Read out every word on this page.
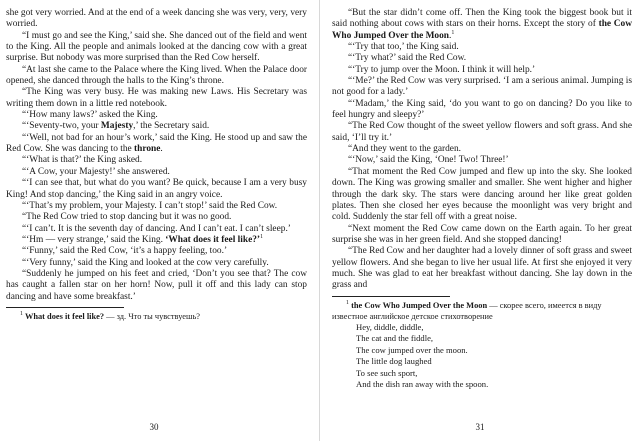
she got very worried. And at the end of a week dancing she was very, very, very worried.

“I must go and see the King,’ said she. She danced out of the field and went to the King. All the people and animals looked at the dancing cow with a great surprise. But nobody was more surprised than the Red Cow herself.

“At last she came to the Palace where the King lived. When the Palace door opened, she danced through the halls to the King’s throne.

“The King was very busy. He was making new Laws. His Secretary was writing them down in a little red notebook.

“‘How many laws?’ asked the King.

“‘Seventy-two, your Majesty,’ the Secretary said.

“‘Well, not bad for an hour’s work,’ said the King. He stood up and saw the Red Cow. She was dancing to the throne.

“‘What is that?’ the King asked.

“‘A Cow, your Majesty!’ she answered.

“‘I can see that, but what do you want? Be quick, because I am a very busy King! And stop dancing,’ the King said in an angry voice.

“‘That’s my problem, your Majesty. I can’t stop!’ said the Red Cow.

“The Red Cow tried to stop dancing but it was no good.

“‘I can’t. It is the seventh day of dancing. And I can’t eat. I can’t sleep.’

“‘Hm — very strange,’ said the King. ‘What does it feel like?’$^1$

“‘Funny,’ said the Red Cow, ‘it’s a happy feeling, too.’

“‘Very funny,’ said the King and looked at the cow very carefully.

“Suddenly he jumped on his feet and cried, ‘Don’t you see that? The cow has caught a fallen star on her horn! Now, pull it off and this lady can stop dancing and have some breakfast.’

$^1$ What does it feel like? — зд. Что ты чувствуешь?

30

“But the star didn’t come off. Then the King took the biggest book but it said nothing about cows with stars on their horns. Except the story of the Cow Who Jumped Over the Moon.$^1$

“‘Try that too,’ the King said.

“‘Try what?’ said the Red Cow.

“‘Try to jump over the Moon. I think it will help.’

“‘Me?’ the Red Cow was very surprised. ‘I am a serious animal. Jumping is not good for a lady.’

“‘Madam,’ the King said, ‘do you want to go on dancing? Do you like to feel hungry and sleepy?’

“The Red Cow thought of the sweet yellow flowers and soft grass. And she said, ‘I’ll try it.’

“And they went to the garden.

“‘Now,’ said the King, ‘One! Two! Three!’

“That moment the Red Cow jumped and flew up into the sky. She looked down. The King was growing smaller and smaller. She went higher and higher through the dark sky. The stars were dancing around her like great golden plates. Then she closed her eyes because the moonlight was very bright and cold. Suddenly the star fell off with a great noise.

“Next moment the Red Cow came down on the Earth again. To her great surprise she was in her green field. And she stopped dancing!

“The Red Cow and her daughter had a lovely dinner of soft grass and sweet yellow flowers. And she began to live her usual life. At first she enjoyed it very much. She was glad to eat her breakfast without dancing. She lay down in the grass and

$^1$ the Cow Who Jumped Over the Moon — скорее всего, имеется в виду известное английское детское стихотворение

Hey, diddle, diddle,

The cat and the fiddle,

The cow jumped over the moon.

The little dog laughed

To see such sport,

And the dish ran away with the spoon.

31
